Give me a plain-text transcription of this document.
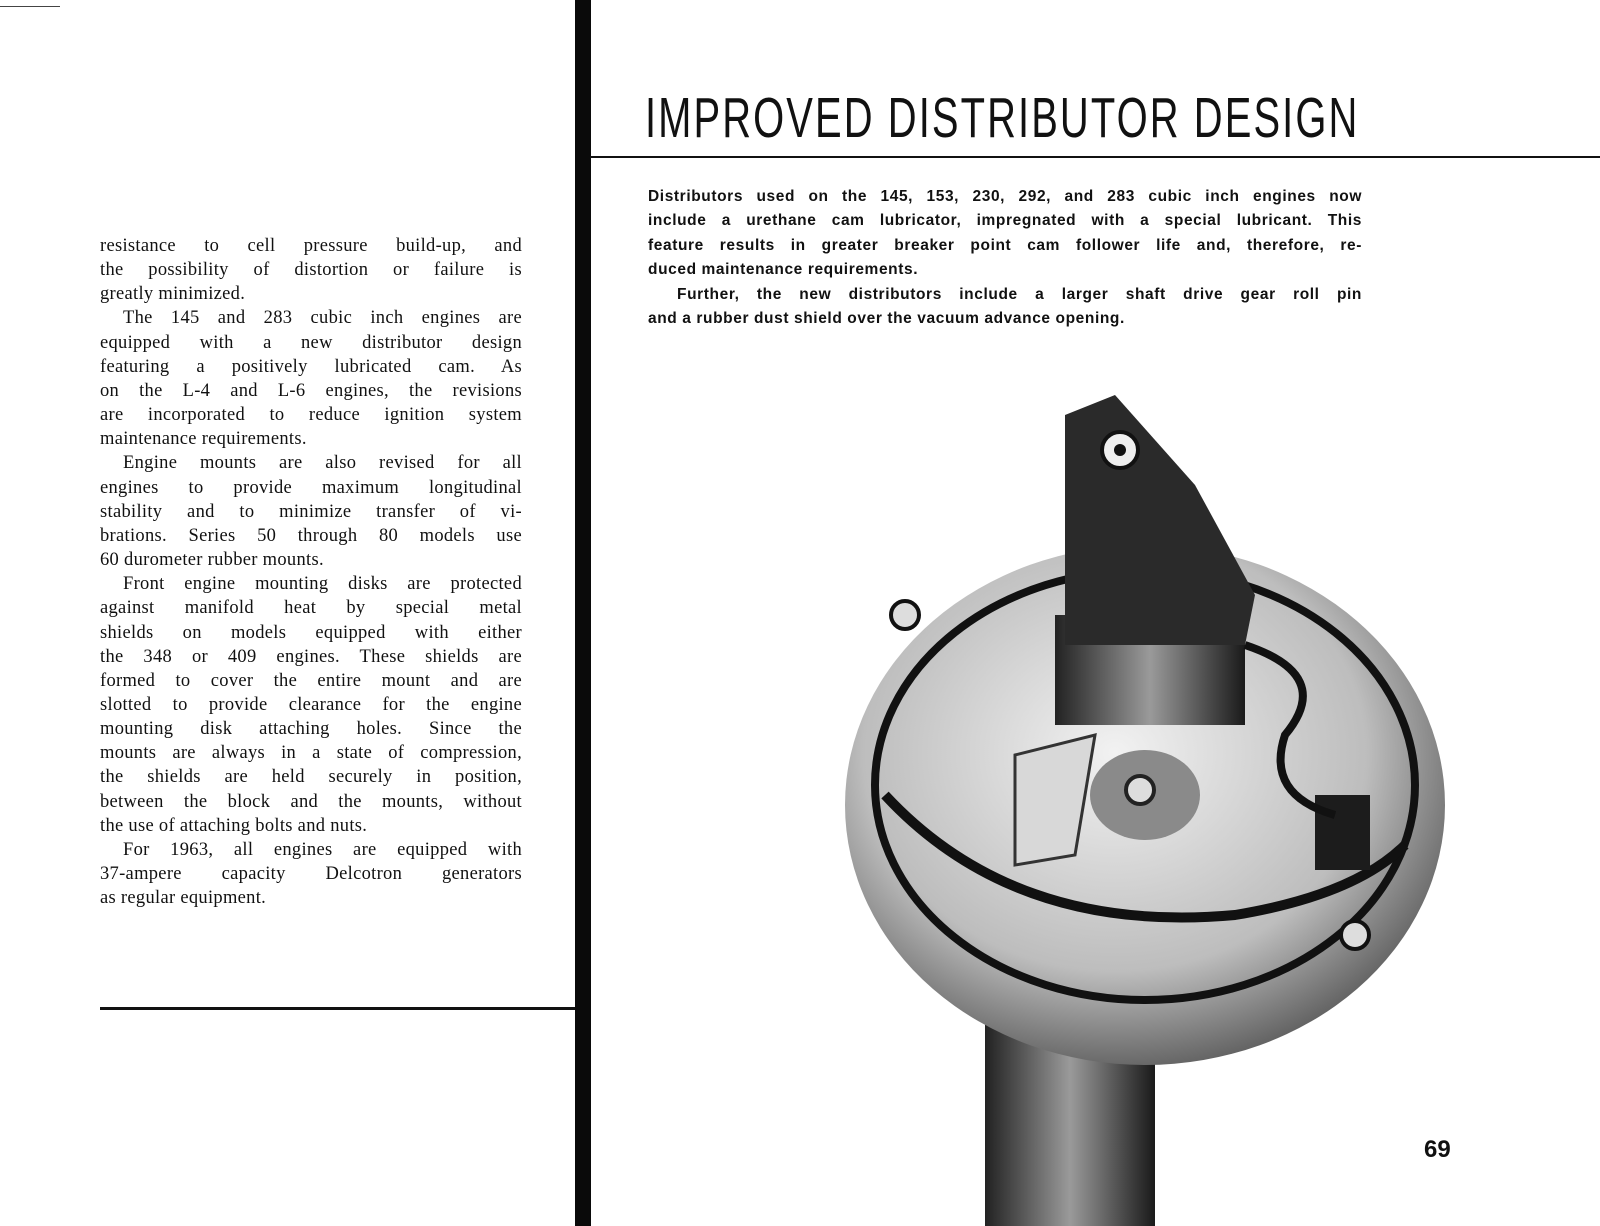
resistance to cell pressure build-up, and
the possibility of distortion or failure is
greatly minimized.
The 145 and 283 cubic inch engines are
equipped with a new distributor design
featuring a positively lubricated cam. As
on the L-4 and L-6 engines, the revisions
are incorporated to reduce ignition system
maintenance requirements.
Engine mounts are also revised for all
engines to provide maximum longitudinal
stability and to minimize transfer of vi-
brations. Series 50 through 80 models use
60 durometer rubber mounts.
Front engine mounting disks are protected
against manifold heat by special metal
shields on models equipped with either
the 348 or 409 engines. These shields are
formed to cover the entire mount and are
slotted to provide clearance for the engine
mounting disk attaching holes. Since the
mounts are always in a state of compression,
the shields are held securely in position,
between the block and the mounts, without
the use of attaching bolts and nuts.
For 1963, all engines are equipped with
37-ampere capacity Delcotron generators
as regular equipment.
IMPROVED DISTRIBUTOR DESIGN
Distributors used on the 145, 153, 230, 292, and 283 cubic inch engines now
include a urethane cam lubricator, impregnated with a special lubricant. This
feature results in greater breaker point cam follower life and, therefore, re-
duced maintenance requirements.
Further, the new distributors include a larger shaft drive gear roll pin
and a rubber dust shield over the vacuum advance opening.
69
